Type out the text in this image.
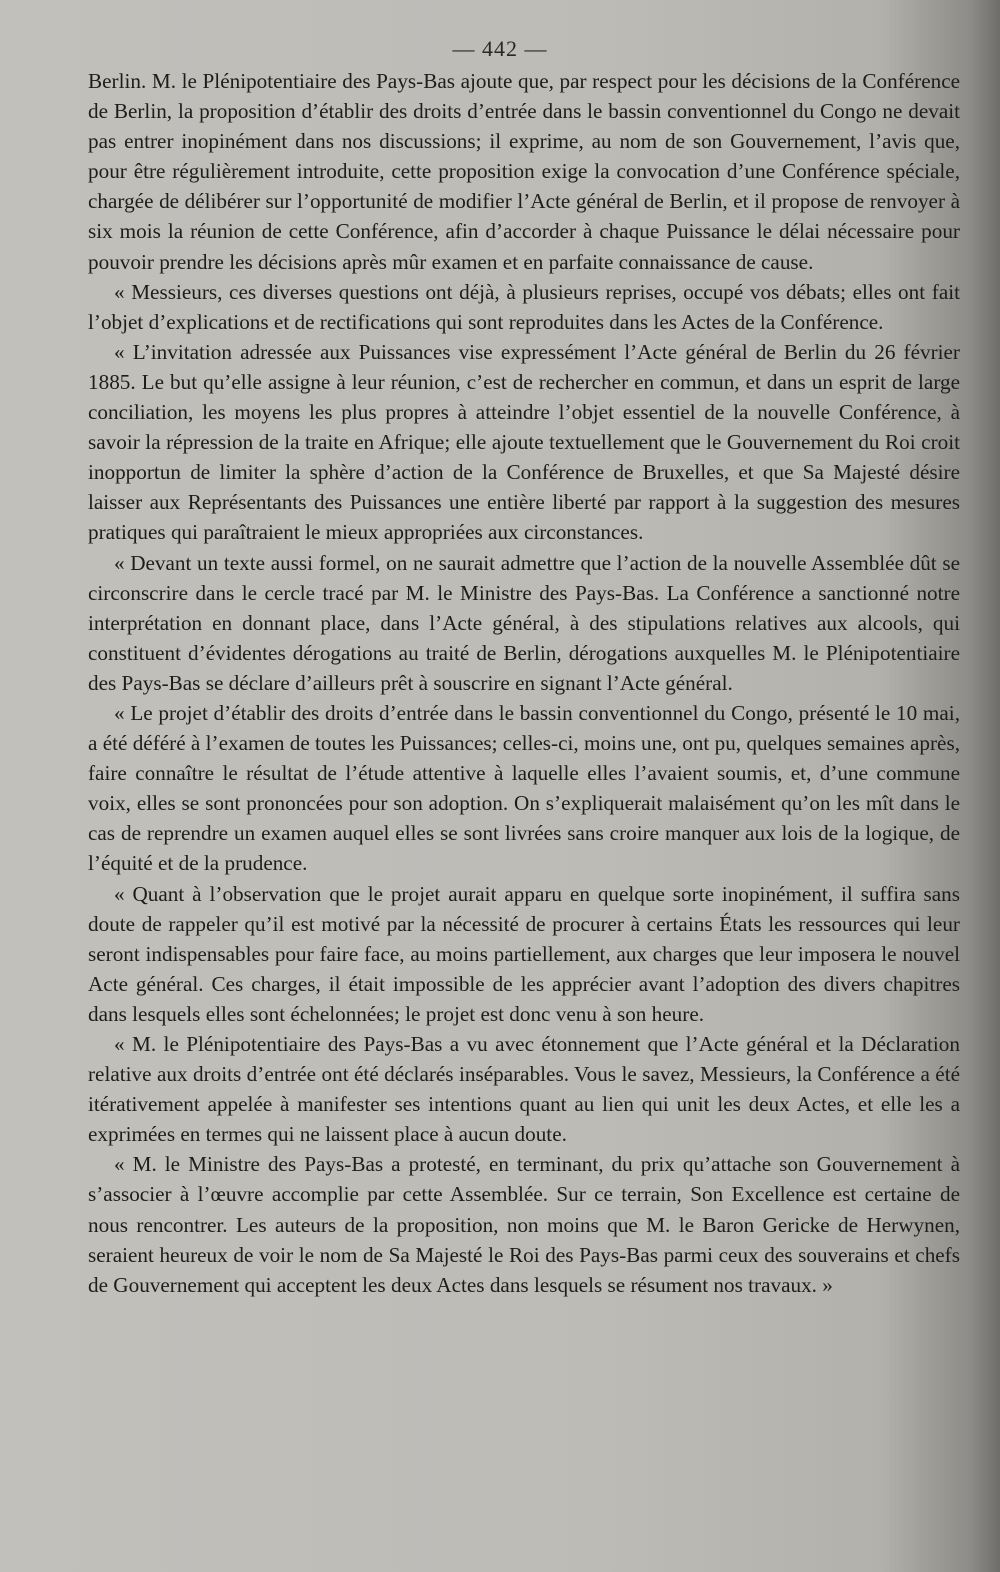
— 442 —

Berlin. M. le Plénipotentiaire des Pays-Bas ajoute que, par respect pour les décisions de la Conférence de Berlin, la proposition d’établir des droits d’entrée dans le bassin conventionnel du Congo ne devait pas entrer inopinément dans nos discussions; il exprime, au nom de son Gouvernement, l’avis que, pour être régulièrement introduite, cette proposition exige la convocation d’une Conférence spéciale, chargée de délibérer sur l’opportunité de modifier l’Acte général de Berlin, et il propose de renvoyer à six mois la réunion de cette Conférence, afin d’accorder à chaque Puissance le délai nécessaire pour pouvoir prendre les décisions après mûr examen et en parfaite connaissance de cause.

« Messieurs, ces diverses questions ont déjà, à plusieurs reprises, occupé vos débats; elles ont fait l’objet d’explications et de rectifications qui sont reproduites dans les Actes de la Conférence.

« L’invitation adressée aux Puissances vise expressément l’Acte général de Berlin du 26 février 1885. Le but qu’elle assigne à leur réunion, c’est de rechercher en commun, et dans un esprit de large conciliation, les moyens les plus propres à atteindre l’objet essentiel de la nouvelle Conférence, à savoir la répression de la traite en Afrique; elle ajoute textuellement que le Gouvernement du Roi croit inopportun de limiter la sphère d’action de la Conférence de Bruxelles, et que Sa Majesté désire laisser aux Représentants des Puissances une entière liberté par rapport à la suggestion des mesures pratiques qui paraîtraient le mieux appropriées aux circonstances.

« Devant un texte aussi formel, on ne saurait admettre que l’action de la nouvelle Assemblée dût se circonscrire dans le cercle tracé par M. le Ministre des Pays-Bas. La Conférence a sanctionné notre interprétation en donnant place, dans l’Acte général, à des stipulations relatives aux alcools, qui constituent d’évidentes dérogations au traité de Berlin, dérogations auxquelles M. le Plénipotentiaire des Pays-Bas se déclare d’ailleurs prêt à souscrire en signant l’Acte général.

« Le projet d’établir des droits d’entrée dans le bassin conventionnel du Congo, présenté le 10 mai, a été déféré à l’examen de toutes les Puissances; celles-ci, moins une, ont pu, quelques semaines après, faire connaître le résultat de l’étude attentive à laquelle elles l’avaient soumis, et, d’une commune voix, elles se sont prononcées pour son adoption. On s’expliquerait malaisément qu’on les mît dans le cas de reprendre un examen auquel elles se sont livrées sans croire manquer aux lois de la logique, de l’équité et de la prudence.

« Quant à l’observation que le projet aurait apparu en quelque sorte inopinément, il suffira sans doute de rappeler qu’il est motivé par la nécessité de procurer à certains États les ressources qui leur seront indispensables pour faire face, au moins partiellement, aux charges que leur imposera le nouvel Acte général. Ces charges, il était impossible de les apprécier avant l’adoption des divers chapitres dans lesquels elles sont échelonnées; le projet est donc venu à son heure.

« M. le Plénipotentiaire des Pays-Bas a vu avec étonnement que l’Acte général et la Déclaration relative aux droits d’entrée ont été déclarés inséparables. Vous le savez, Messieurs, la Conférence a été itérativement appelée à manifester ses intentions quant au lien qui unit les deux Actes, et elle les a exprimées en termes qui ne laissent place à aucun doute.

« M. le Ministre des Pays-Bas a protesté, en terminant, du prix qu’attache son Gouvernement à s’associer à l’œuvre accomplie par cette Assemblée. Sur ce terrain, Son Excellence est certaine de nous rencontrer. Les auteurs de la proposition, non moins que M. le Baron Gericke de Herwynen, seraient heureux de voir le nom de Sa Majesté le Roi des Pays-Bas parmi ceux des souverains et chefs de Gouvernement qui acceptent les deux Actes dans lesquels se résument nos travaux. »
